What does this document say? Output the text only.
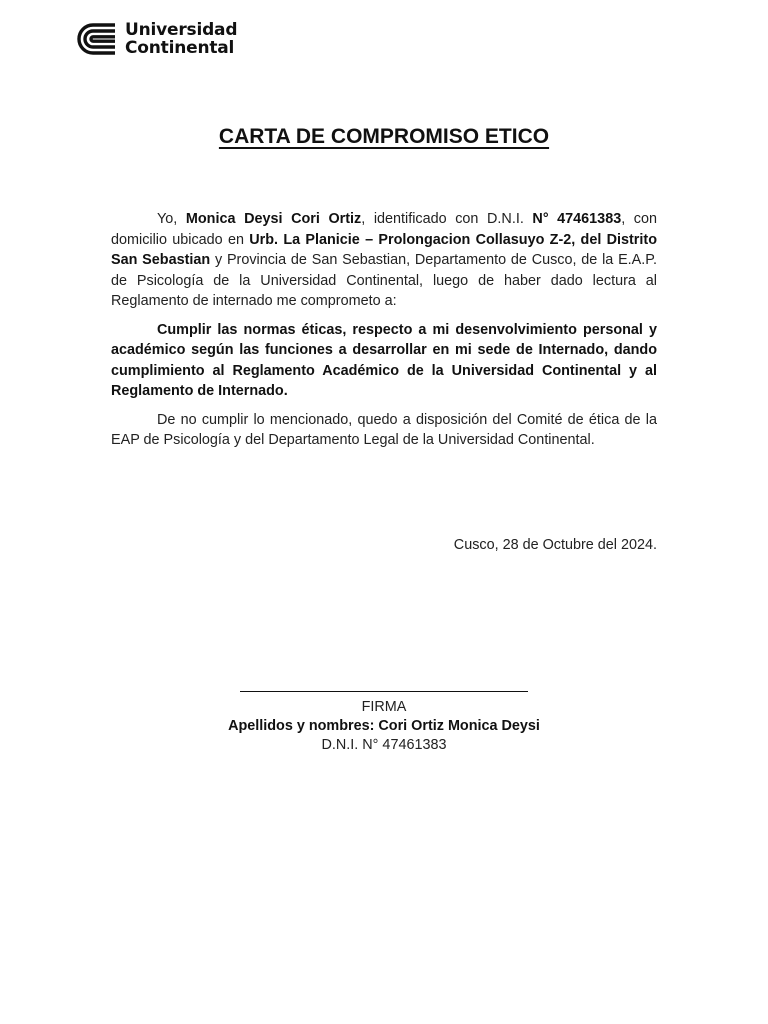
Universidad
Continental
CARTA DE COMPROMISO ETICO

Yo, Monica Deysi Cori Ortiz, identificado con D.N.I. N° 47461383, con domicilio ubicado en Urb. La Planicie – Prolongacion Collasuyo Z-2, del Distrito San Sebastian y Provincia de San Sebastian, Departamento de Cusco, de la E.A.P. de Psicología de la Universidad Continental, luego de haber dado lectura al Reglamento de internado me comprometo a:

Cumplir las normas éticas, respecto a mi desenvolvimiento personal y académico según las funciones a desarrollar en mi sede de Internado, dando cumplimiento al Reglamento Académico de la Universidad Continental y al Reglamento de Internado.

De no cumplir lo mencionado, quedo a disposición del Comité de ética de la EAP de Psicología y del Departamento Legal de la Universidad Continental.

Cusco, 28 de Octubre del 2024.
FIRMA
Apellidos y nombres: Cori Ortiz Monica Deysi
D.N.I. N° 47461383
